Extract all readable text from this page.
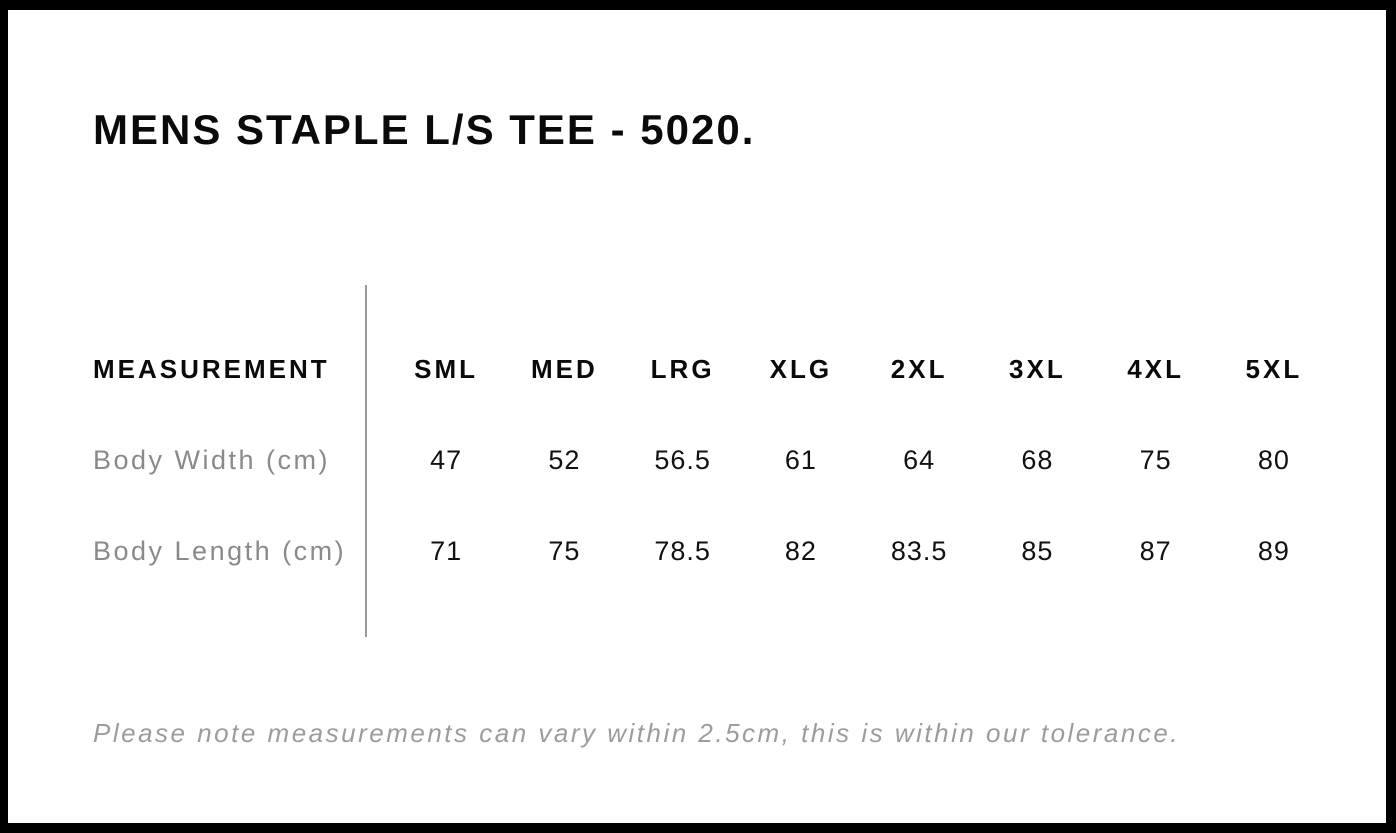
MENS STAPLE L/S TEE - 5020.
MEASUREMENT	SML	MED	LRG	XLG	2XL	3XL	4XL	5XL
Body Width (cm)	47	52	56.5	61	64	68	75	80
Body Length (cm)	71	75	78.5	82	83.5	85	87	89

Please note measurements can vary within 2.5cm, this is within our tolerance.
